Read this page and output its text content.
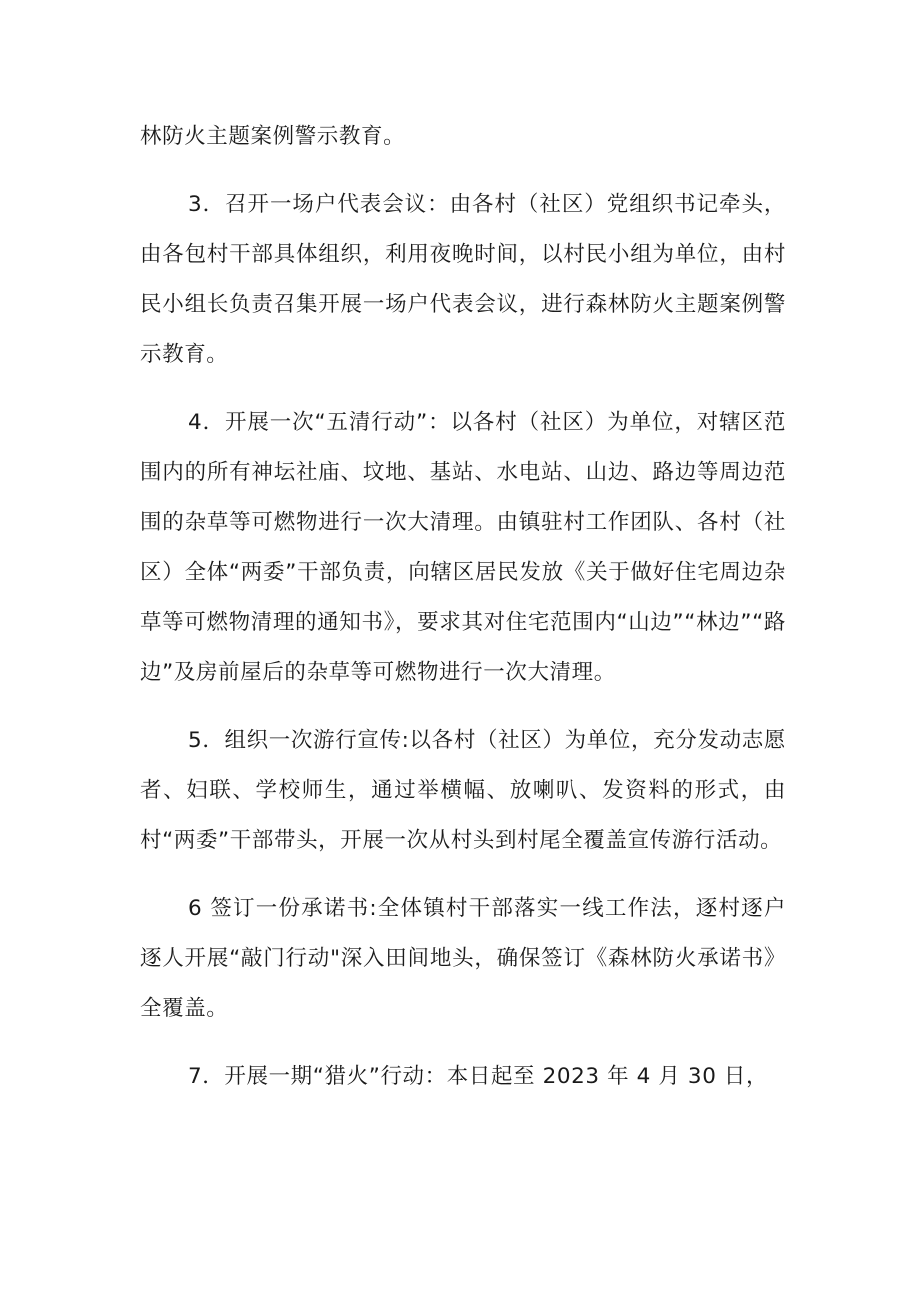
林防火主题案例警示教育。

3．召开一场户代表会议：由各村（社区）党组织书记牵头，由各包村干部具体组织，利用夜晚时间，以村民小组为单位，由村民小组长负责召集开展一场户代表会议，进行森林防火主题案例警示教育。

4．开展一次“五清行动”：以各村（社区）为单位，对辖区范围内的所有神坛社庙、坟地、基站、水电站、山边、路边等周边范围的杂草等可燃物进行一次大清理。由镇驻村工作团队、各村（社区）全体“两委”干部负责，向辖区居民发放《关于做好住宅周边杂草等可燃物清理的通知书》，要求其对住宅范围内“山边”“林边”“路边”及房前屋后的杂草等可燃物进行一次大清理。

5．组织一次游行宣传:以各村（社区）为单位，充分发动志愿者、妇联、学校师生，通过举横幅、放喇叭、发资料的形式，由村“两委”干部带头，开展一次从村头到村尾全覆盖宣传游行活动。

6 签订一份承诺书:全体镇村干部落实一线工作法，逐村逐户逐人开展“敲门行动"深入田间地头，确保签订《森林防火承诺书》全覆盖。

7．开展一期“猎火”行动：本日起至 2023 年 4 月 30 日，
